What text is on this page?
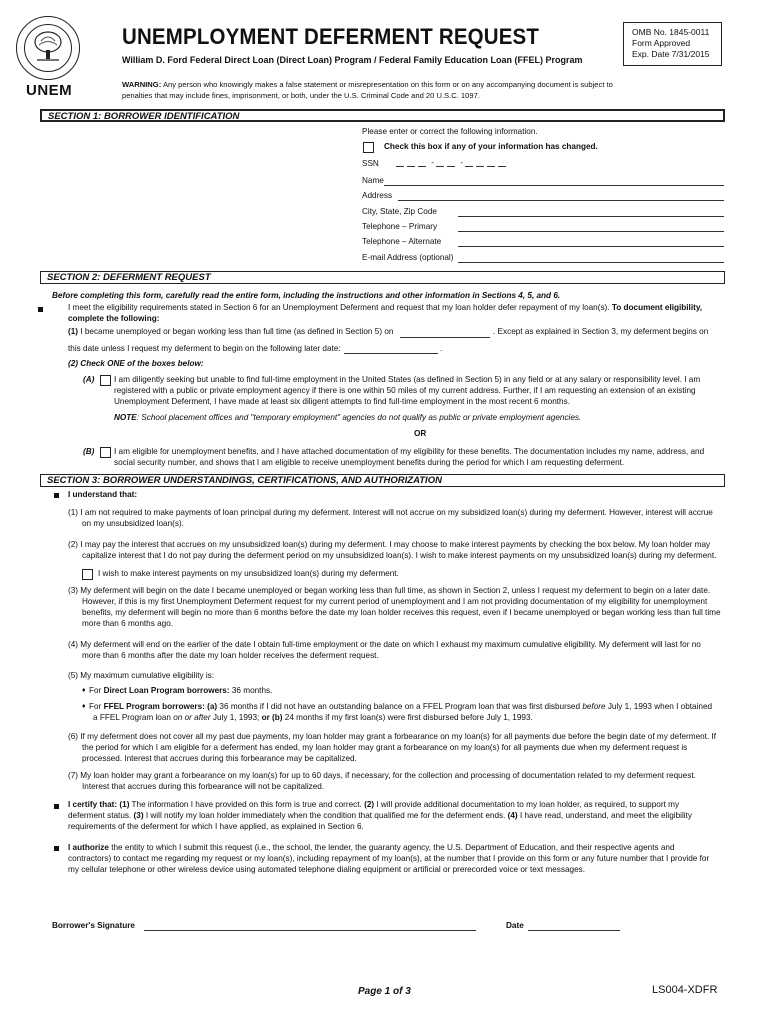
UNEM
UNEMPLOYMENT DEFERMENT REQUEST
William D. Ford Federal Direct Loan (Direct Loan) Program / Federal Family Education Loan (FFEL) Program
OMB No. 1845-0011
Form Approved
Exp. Date 7/31/2015
WARNING: Any person who knowingly makes a false statement or misrepresentation on this form or on any accompanying document is subject to penalties that may include fines, imprisonment, or both, under the U.S. Criminal Code and 20 U.S.C. 1097.
SECTION 1: BORROWER IDENTIFICATION
Please enter or correct the following information.
Check this box if any of your information has changed.
SSN	-	-
Name
Address
City, State, Zip Code
Telephone – Primary
Telephone – Alternate
E-mail Address (optional)
SECTION 2: DEFERMENT REQUEST
Before completing this form, carefully read the entire form, including the instructions and other information in Sections 4, 5, and 6.
I meet the eligibility requirements stated in Section 6 for an Unemployment Deferment and request that my loan holder defer repayment of my loan(s). To document eligibility,
complete the following:
(1) I became unemployed or began working less than full time (as defined in Section 5) on	. Except as explained in Section 3, my deferment begins on
this date unless I request my deferment to begin on the following later date:	.
(2) Check ONE of the boxes below:
(A) I am diligently seeking but unable to find full-time employment in the United States (as defined in Section 5) in any field or at any salary or responsibility level. I am
registered with a public or private employment agency if there is one within 50 miles of my current address. Further, if I am requesting an extension of an existing
Unemployment Deferment, I have made at least six diligent attempts to find full-time employment in the most recent 6 months.
NOTE: School placement offices and "temporary employment" agencies do not qualify as public or private employment agencies.
OR
(B) I am eligible for unemployment benefits, and I have attached documentation of my eligibility for these benefits. The documentation includes my name, address, and
social security number, and shows that I am eligible to receive unemployment benefits during the period for which I am requesting deferment.
SECTION 3: BORROWER UNDERSTANDINGS, CERTIFICATIONS, AND AUTHORIZATION
I understand that:
(1) I am not required to make payments of loan principal during my deferment. Interest will not accrue on my subsidized loan(s) during my deferment. However, interest will accrue
on my unsubsidized loan(s).
(2) I may pay the interest that accrues on my unsubsidized loan(s) during my deferment. I may choose to make interest payments by checking the box below. My loan holder may
capitalize interest that I do not pay during the deferment period on my unsubsidized loan(s). I wish to make interest payments on my unsubsidized loan(s) during my deferment.
I wish to make interest payments on my unsubsidized loan(s) during my deferment.
(3) My deferment will begin on the date I became unemployed or began working less than full time, as shown in Section 2, unless I request my deferment to begin on a later date.
However, if this is my first Unemployment Deferment request for my current period of unemployment and I am not providing documentation of my eligibility for unemployment
benefits, my deferment will begin no more than 6 months before the date my loan holder receives this request, even if I became unemployed or began working less than full time
more than 6 months ago.
(4) My deferment will end on the earlier of the date I obtain full-time employment or the date on which I exhaust my maximum cumulative eligibility. My deferment will last for no
more than 6 months after the date my loan holder receives the deferment request.
(5) My maximum cumulative eligibility is:
♦ For Direct Loan Program borrowers: 36 months.
♦ For FFEL Program borrowers: (a) 36 months if I did not have an outstanding balance on a FFEL Program loan that was first disbursed before July 1, 1993 when I obtained
a FFEL Program loan on or after July 1, 1993; or (b) 24 months if my first loan(s) were first disbursed before July 1, 1993.
(6) If my deferment does not cover all my past due payments, my loan holder may grant a forbearance on my loan(s) for all payments due before the begin date of my deferment. If
the period for which I am eligible for a deferment has ended, my loan holder may grant a forbearance on my loan(s) for all payments due when my deferment request is
processed. Interest that accrues during this forbearance may be capitalized.
(7) My loan holder may grant a forbearance on my loan(s) for up to 60 days, if necessary, for the collection and processing of documentation related to my deferment request.
Interest that accrues during this forbearance will not be capitalized.
I certify that: (1) The information I have provided on this form is true and correct. (2) I will provide additional documentation to my loan holder, as required, to support my
deferment status. (3) I will notify my loan holder immediately when the condition that qualified me for the deferment ends. (4) I have read, understand, and meet the eligibility
requirements of the deferment for which I have applied, as explained in Section 6.
I authorize the entity to which I submit this request (i.e., the school, the lender, the guaranty agency, the U.S. Department of Education, and their respective agents and
contractors) to contact me regarding my request or my loan(s), including repayment of my loan(s), at the number that I provide on this form or any future number that I provide for
my cellular telephone or other wireless device using automated telephone dialing equipment or artificial or prerecorded voice or text messages.
Borrower's Signature	Date
Page 1 of 3	LS004-XDFR
